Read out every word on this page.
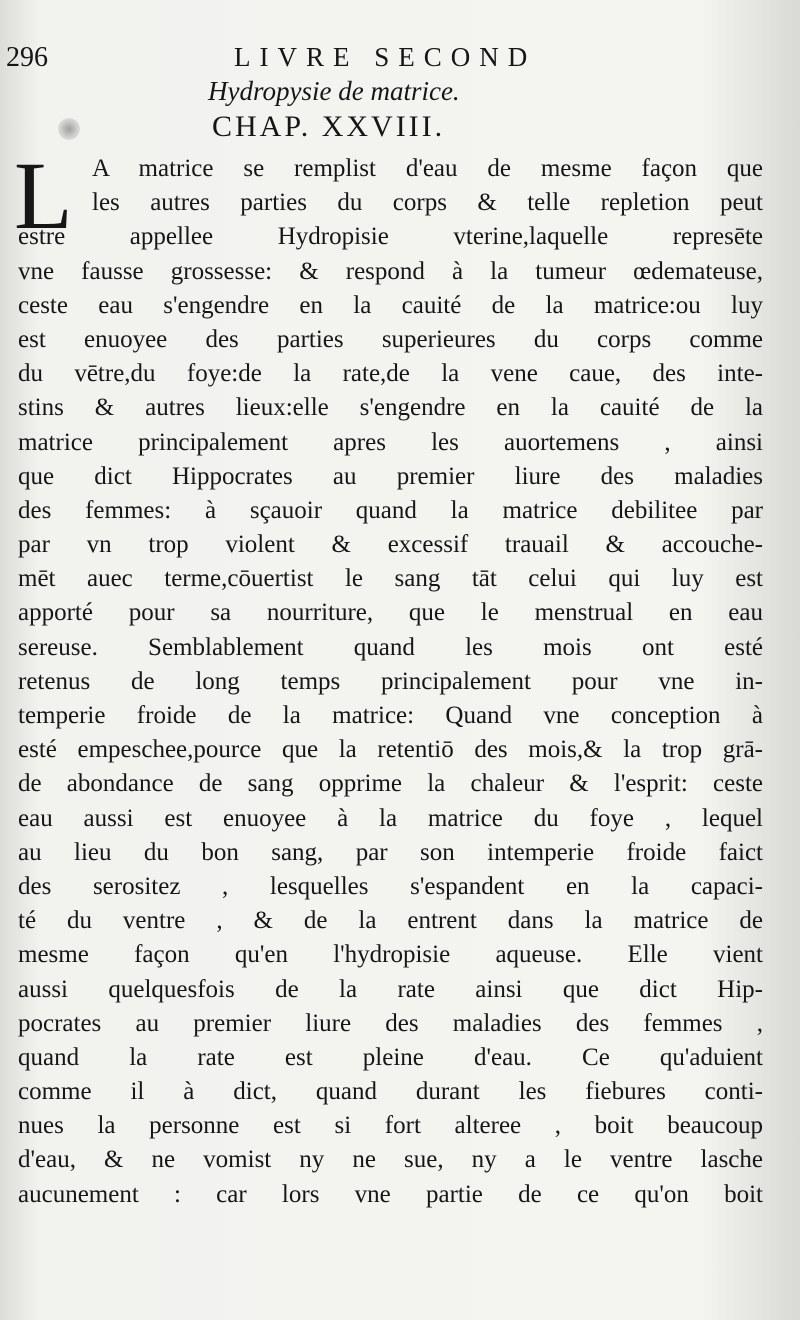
296	LIVRE SECOND
Hydropysie de matrice.
CHAP. XXVIII.
L A matrice se remplist d'eau de mesme façon que
les autres parties du corps & telle repletion peut
estre appellee Hydropisie vterine,laquelle represēte
vne fausse grossesse: & respond à la tumeur œdemateuse,
ceste eau s'engendre en la cauité de la matrice:ou luy
est enuoyee des parties superieures du corps comme
du vētre,du foye:de la rate,de la vene caue, des inte-
stins & autres lieux:elle s'engendre en la cauité de la
matrice principalement apres les auortemens , ainsi
que dict Hippocrates au premier liure des maladies
des femmes: à sçauoir quand la matrice debilitee par
par vn trop violent & excessif trauail & accouche-
mēt auec terme,cōuertist le sang tāt celui qui luy est
apporté pour sa nourriture, que le menstrual en eau
sereuse. Semblablement quand les mois ont esté
retenus de long temps principalement pour vne in-
temperie froide de la matrice: Quand vne conception à
esté empeschee,pource que la retentiō des mois,& la trop grā-
de abondance de sang opprime la chaleur & l'esprit: ceste
eau aussi est enuoyee à la matrice du foye , lequel
au lieu du bon sang, par son intemperie froide faict
des serositez , lesquelles s'espandent en la capaci-
té du ventre , & de la entrent dans la matrice de
mesme façon qu'en l'hydropisie aqueuse. Elle vient
aussi quelquesfois de la rate ainsi que dict Hip-
pocrates au premier liure des maladies des femmes ,
quand la rate est pleine d'eau. Ce qu'aduient
comme il à dict, quand durant les fiebures conti-
nues la personne est si fort alteree , boit beaucoup
d'eau, & ne vomist ny ne sue, ny a le ventre lasche
aucunement : car lors vne partie de ce qu'on boit
